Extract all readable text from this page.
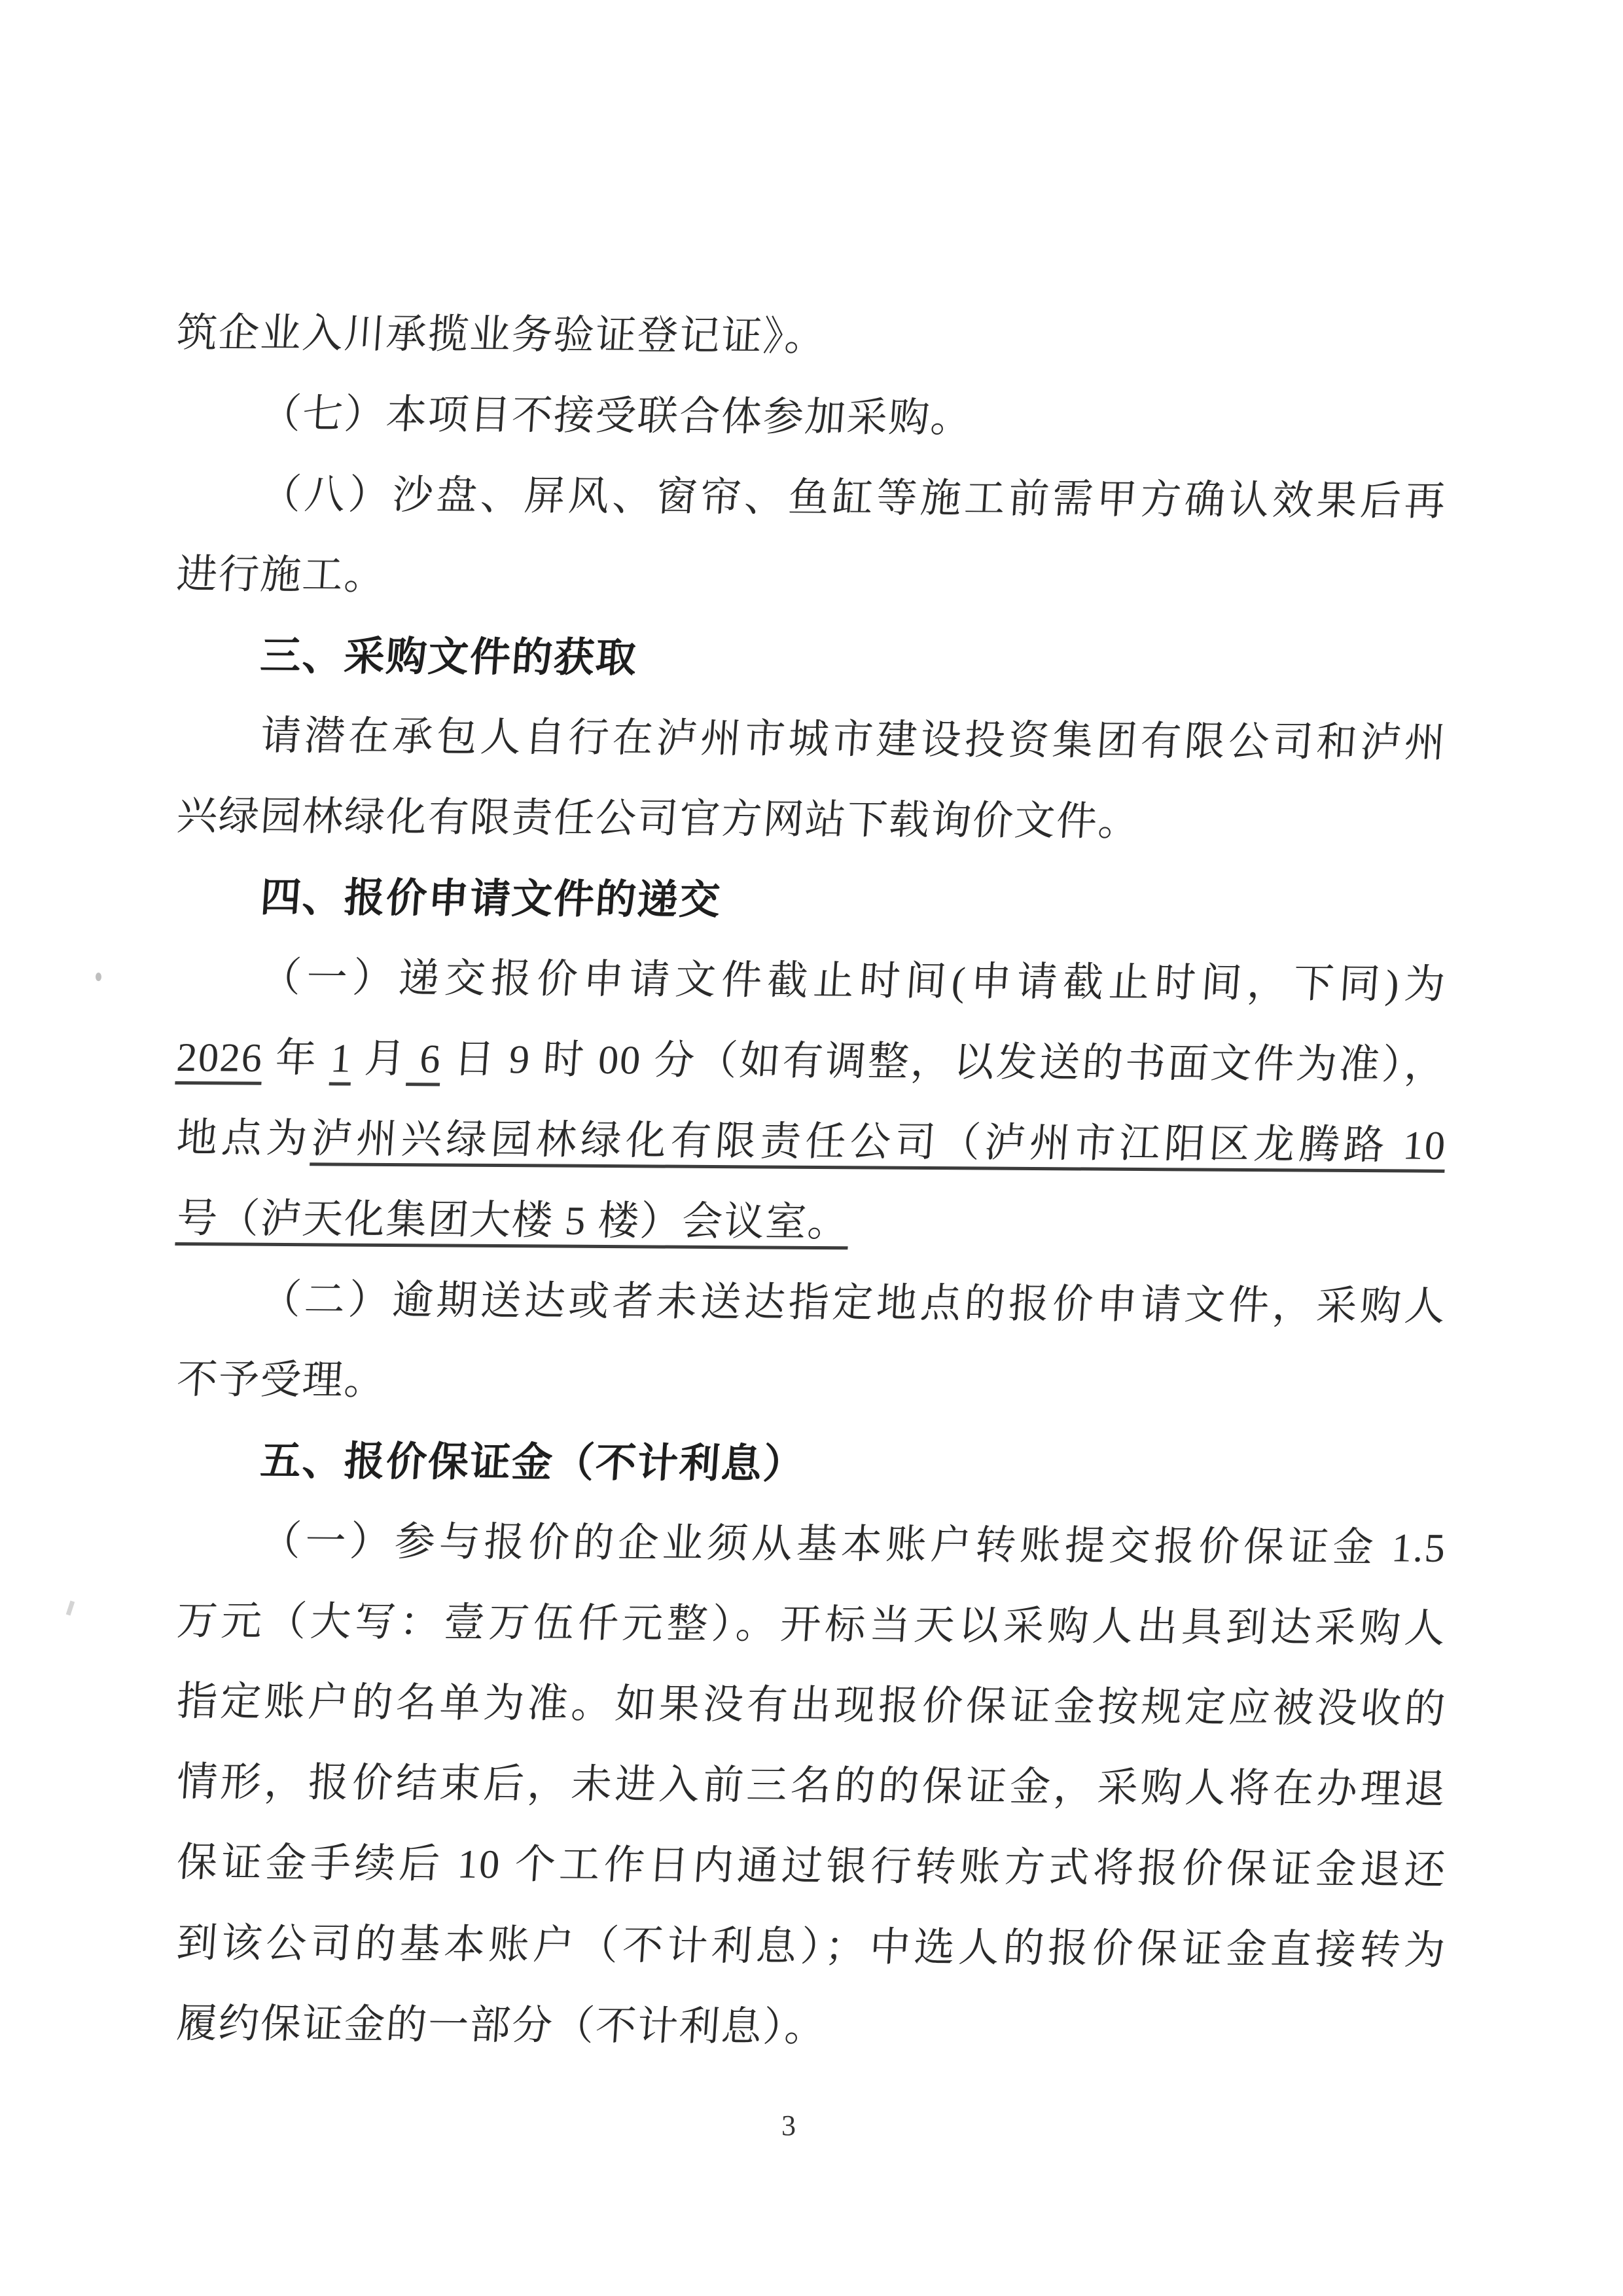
筑企业入川承揽业务验证登记证》。
（七）本项目不接受联合体参加采购。
（八）沙盘、屏风、窗帘、鱼缸等施工前需甲方确认效果后再
进行施工。
三、采购文件的获取
请潜在承包人自行在泸州市城市建设投资集团有限公司和泸州
兴绿园林绿化有限责任公司官方网站下载询价文件。
四、报价申请文件的递交
（一）递交报价申请文件截止时间(申请截止时间，下同)为
2026 年 1 月 6 日 9 时 00 分（如有调整，以发送的书面文件为准），
地点为泸州兴绿园林绿化有限责任公司（泸州市江阳区龙腾路 10
号（泸天化集团大楼 5 楼）会议室。
（二）逾期送达或者未送达指定地点的报价申请文件，采购人
不予受理。
五、报价保证金（不计利息）
（一）参与报价的企业须从基本账户转账提交报价保证金 1.5
万元（大写：壹万伍仟元整）。开标当天以采购人出具到达采购人
指定账户的名单为准。如果没有出现报价保证金按规定应被没收的
情形，报价结束后，未进入前三名的的保证金，采购人将在办理退
保证金手续后 10 个工作日内通过银行转账方式将报价保证金退还
到该公司的基本账户（不计利息）；中选人的报价保证金直接转为
履约保证金的一部分（不计利息）。
3
